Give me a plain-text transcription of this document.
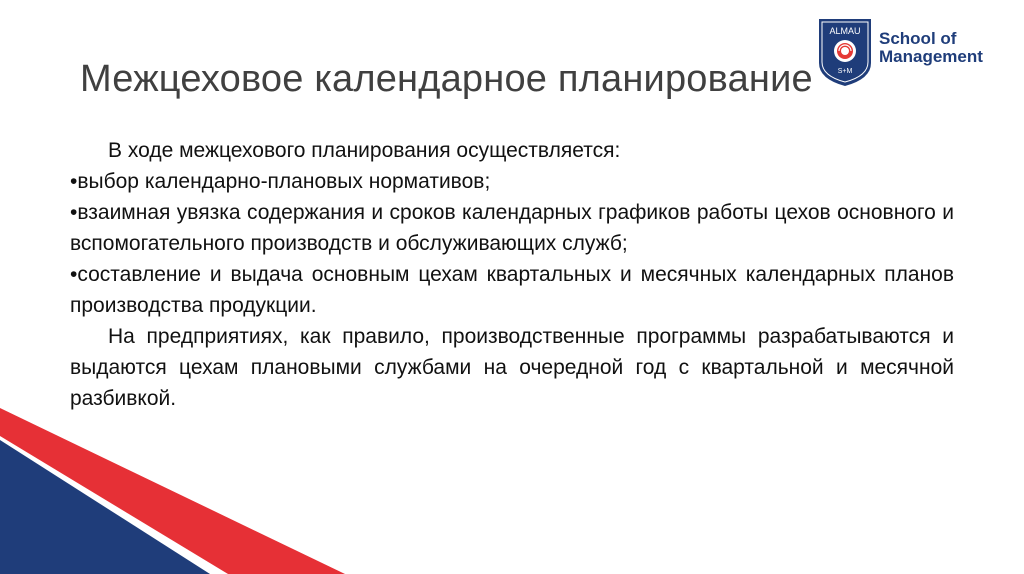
Межцеховое календарное планирование
ALMAU
S+M
School of
Management

В ходе межцехового планирования осуществляется:

•выбор календарно-плановых нормативов;

•взаимная увязка содержания и сроков календарных графиков работы цехов основного и вспомогательного производств и обслуживающих служб;

•составление и выдача основным цехам квартальных и месячных календарных планов производства продукции.

На предприятиях, как правило, производственные программы разрабатываются и выдаются цехам плановыми службами на очередной год с квартальной и месячной разбивкой.
